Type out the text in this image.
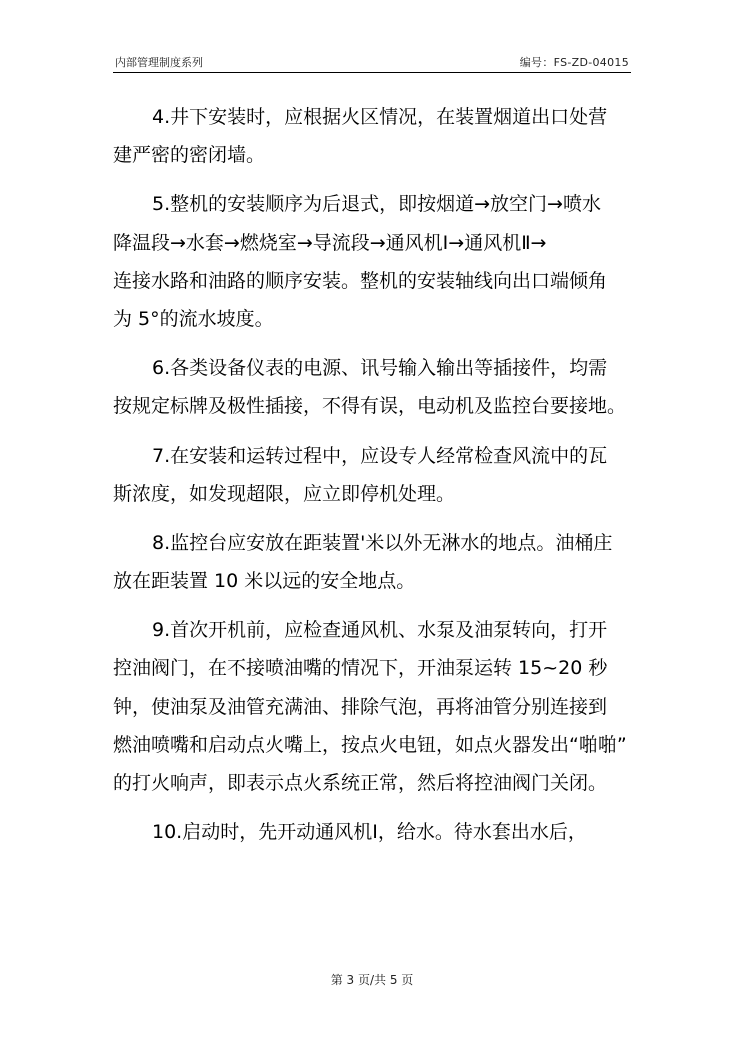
内部管理制度系列	编号：FS-ZD-04015
4.井下安装时，应根据火区情况，在装置烟道出口处营
建严密的密闭墙。
5.整机的安装顺序为后退式，即按烟道→放空门→喷水
降温段→水套→燃烧室→导流段→通风机Ⅰ→通风机Ⅱ→
连接水路和油路的顺序安装。整机的安装轴线向出口端倾角
为 5°的流水坡度。
6.各类设备仪表的电源、讯号输入输出等插接件，均需
按规定标牌及极性插接，不得有误，电动机及监控台要接地。
7.在安装和运转过程中，应设专人经常检查风流中的瓦
斯浓度，如发现超限，应立即停机处理。
8.监控台应安放在距装置'米以外无淋水的地点。油桶庄
放在距装置 10 米以远的安全地点。
9.首次开机前，应检查通风机、水泵及油泵转向，打开
控油阀门，在不接喷油嘴的情况下，开油泵运转 15~20 秒
钟，使油泵及油管充满油、排除气泡，再将油管分别连接到
燃油喷嘴和启动点火嘴上，按点火电钮，如点火器发出“啪啪”
的打火响声，即表示点火系统正常，然后将控油阀门关闭。
10.启动时，先开动通风机Ⅰ，给水。待水套出水后，
第 3 页/共 5 页
